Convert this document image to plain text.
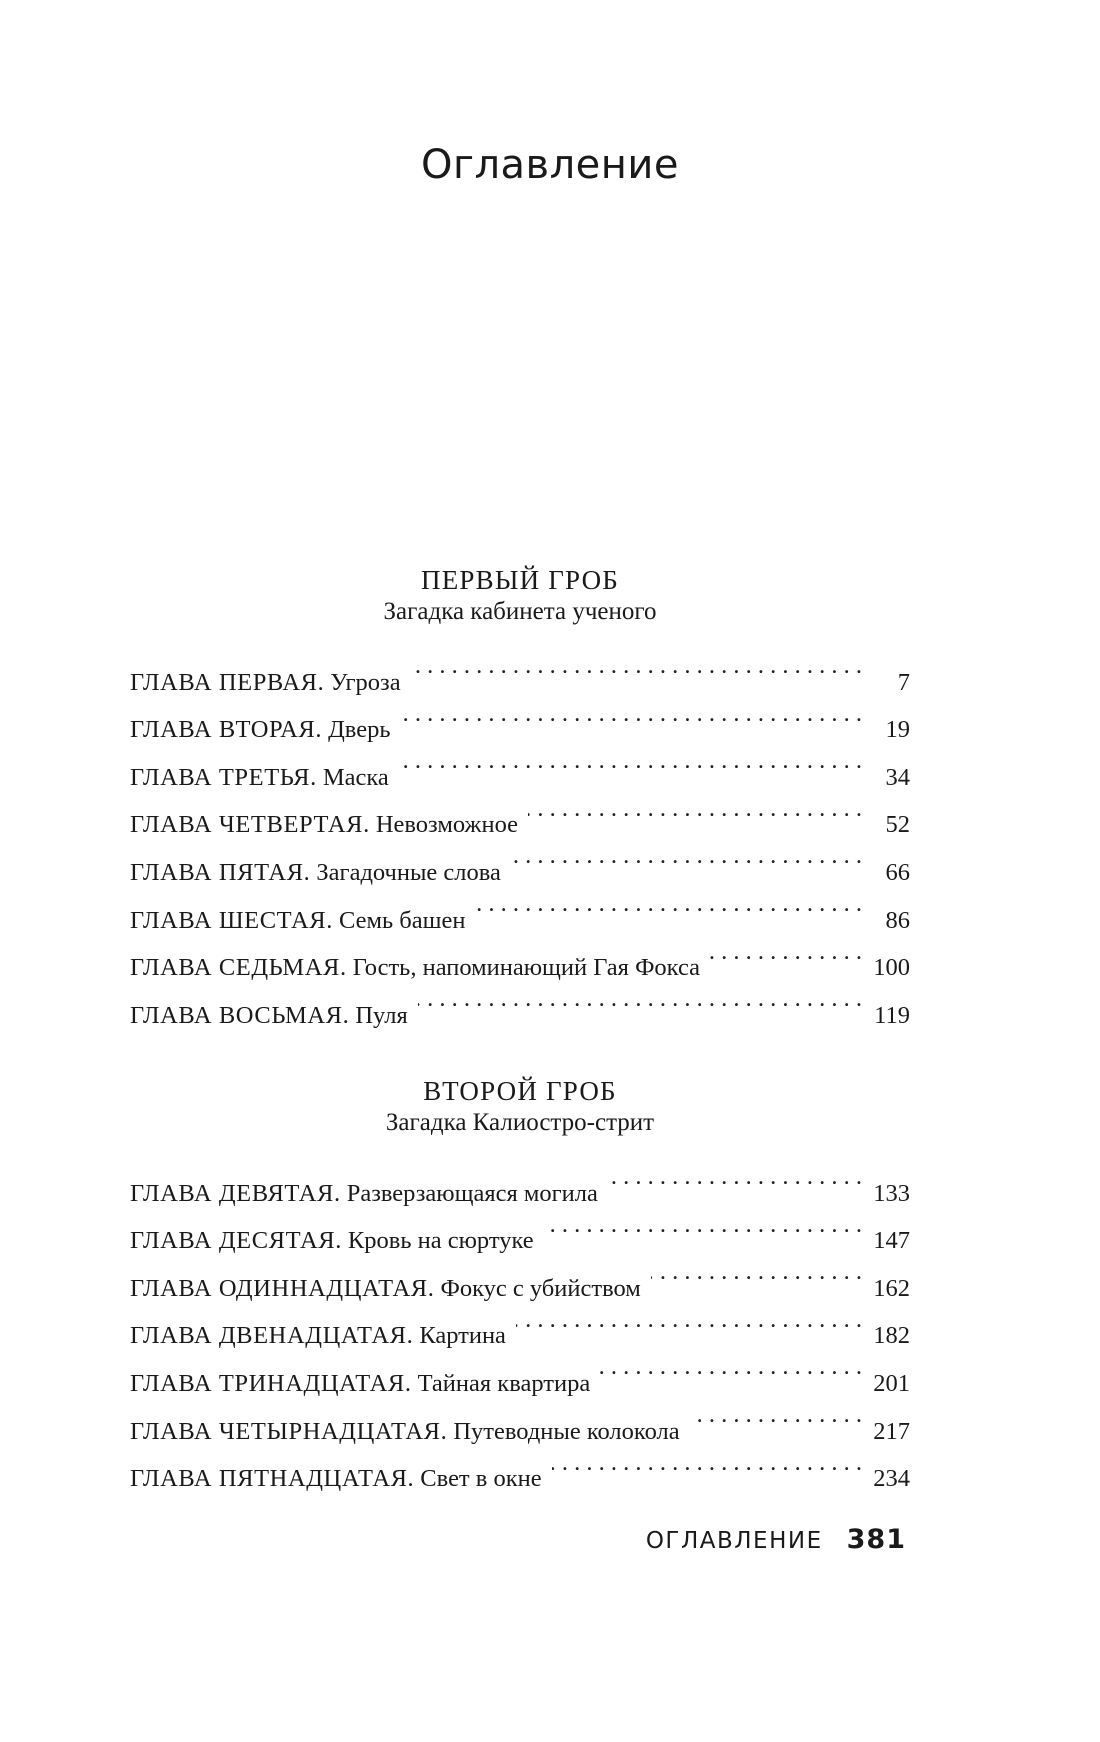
Оглавление
ПЕРВЫЙ ГРОБ
Загадка кабинета ученого
ГЛАВА ПЕРВАЯ. Угроза . . .	7
ГЛАВА ВТОРАЯ. Дверь . . .	19
ГЛАВА ТРЕТЬЯ. Маска . . .	34
ГЛАВА ЧЕТВЕРТАЯ. Невозможное . . .	52
ГЛАВА ПЯТАЯ. Загадочные слова . . .	66
ГЛАВА ШЕСТАЯ. Семь башен . . .	86
ГЛАВА СЕДЬМАЯ. Гость, напоминающий Гая Фокса . . .	100
ГЛАВА ВОСЬМАЯ. Пуля . . .	119
ВТОРОЙ ГРОБ
Загадка Калиостро-стрит
ГЛАВА ДЕВЯТАЯ. Разверзающаяся могила . . .	133
ГЛАВА ДЕСЯТАЯ. Кровь на сюртуке . . .	147
ГЛАВА ОДИННАДЦАТАЯ. Фокус с убийством . . .	162
ГЛАВА ДВЕНАДЦАТАЯ. Картина . . .	182
ГЛАВА ТРИНАДЦАТАЯ. Тайная квартира . . .	201
ГЛАВА ЧЕТЫРНАДЦАТАЯ. Путеводные колокола . . .	217
ГЛАВА ПЯТНАДЦАТАЯ. Свет в окне . . .	234
ОГЛАВЛЕНИЕ 381
